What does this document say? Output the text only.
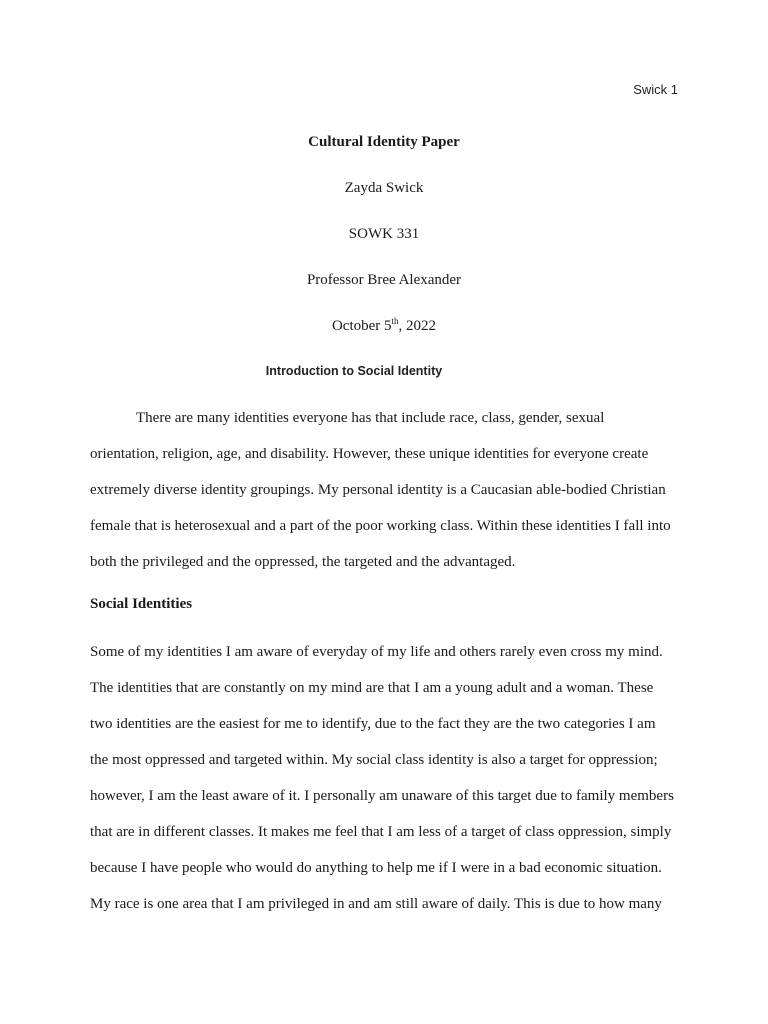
Swick 1
Cultural Identity Paper
Zayda Swick
SOWK 331
Professor Bree Alexander
October 5th, 2022
Introduction to Social Identity
There are many identities everyone has that include race, class, gender, sexual
orientation, religion, age, and disability. However, these unique identities for everyone create
extremely diverse identity groupings. My personal identity is a Caucasian able-bodied Christian
female that is heterosexual and a part of the poor working class. Within these identities I fall into
both the privileged and the oppressed, the targeted and the advantaged.
Social Identities
Some of my identities I am aware of everyday of my life and others rarely even cross my mind.
The identities that are constantly on my mind are that I am a young adult and a woman. These
two identities are the easiest for me to identify, due to the fact they are the two categories I am
the most oppressed and targeted within. My social class identity is also a target for oppression;
however, I am the least aware of it. I personally am unaware of this target due to family members
that are in different classes. It makes me feel that I am less of a target of class oppression, simply
because I have people who would do anything to help me if I were in a bad economic situation.
My race is one area that I am privileged in and am still aware of daily. This is due to how many
